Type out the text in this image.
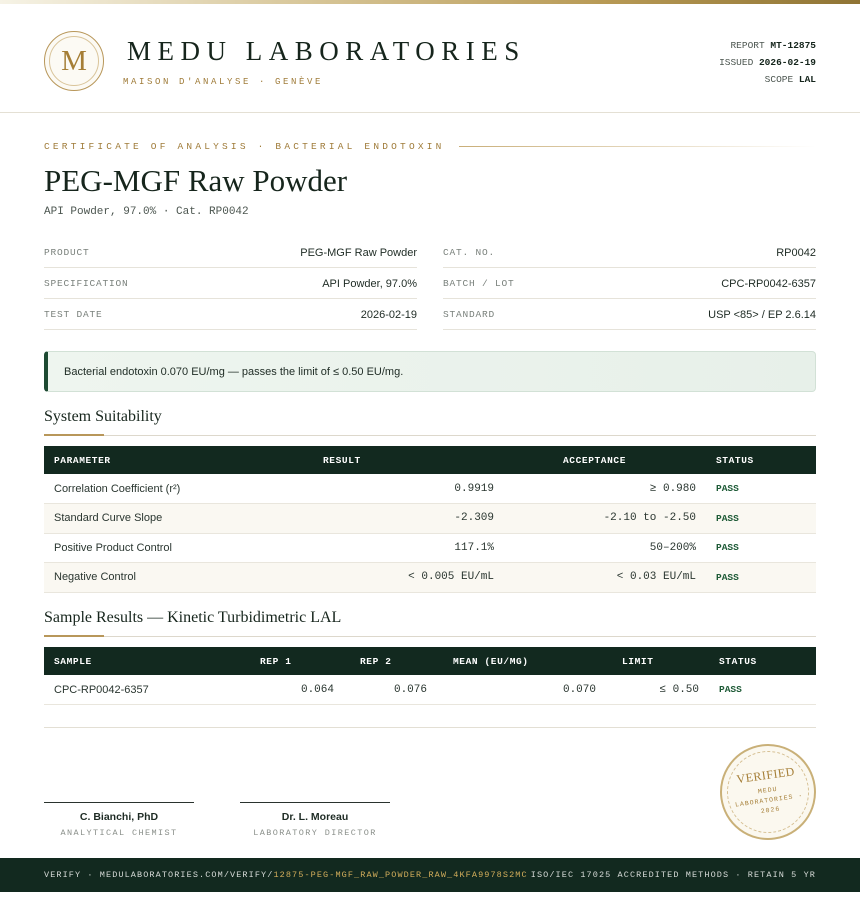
M	MEDU LABORATORIES
MAISON D'ANALYSE · GENÈVE
REPORT MT-12875
ISSUED 2026-02-19
SCOPE LAL
CERTIFICATE OF ANALYSIS · BACTERIAL ENDOTOXIN
PEG-MGF Raw Powder
API Powder, 97.0% · Cat. RP0042
PRODUCT	PEG-MGF Raw Powder
SPECIFICATION	API Powder, 97.0%
TEST DATE	2026-02-19
CAT. NO.	RP0042
BATCH / LOT	CPC-RP0042-6357
STANDARD	USP <85> / EP 2.6.14
Bacterial endotoxin 0.070 EU/mg — passes the limit of ≤ 0.50 EU/mg.
System Suitability
PARAMETER	RESULT	ACCEPTANCE	STATUS
Correlation Coefficient (r²)	0.9919	≥ 0.980	PASS
Standard Curve Slope	-2.309	-2.10 to -2.50	PASS
Positive Product Control	117.1%	50–200%	PASS
Negative Control	< 0.005 EU/mL	< 0.03 EU/mL	PASS
Sample Results — Kinetic Turbidimetric LAL
SAMPLE	REP 1	REP 2	MEAN (EU/MG)	LIMIT	STATUS
CPC-RP0042-6357	0.064	0.076	0.070	≤ 0.50	PASS
C. Bianchi, PhD
ANALYTICAL CHEMIST
Dr. L. Moreau
LABORATORY DIRECTOR
VERIFIED
MEDU LABORATORIES · 2026
VERIFY · MEDULABORATORIES.COM/VERIFY/12875-PEG-MGF_RAW_POWDER_RAW_4KFA9978S2MC ISO/IEC 17025 ACCREDITED METHODS · RETAIN 5 YR
